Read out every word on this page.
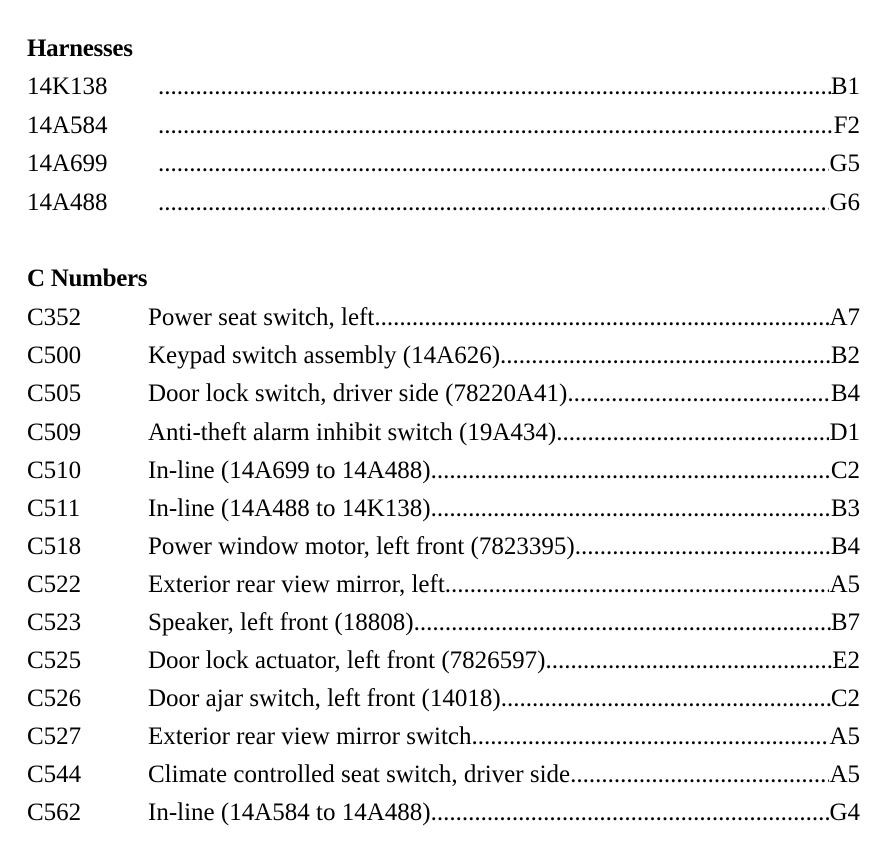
Harnesses
14K138 .....	B1
14A584 .....	F2
14A699 .....	G5
14A488 .....	G6
C Numbers
C352	Power seat switch, left .....	A7
C500	Keypad switch assembly (14A626) .....	B2
C505	Door lock switch, driver side (78220A41) .....	B4
C509	Anti-theft alarm inhibit switch (19A434) .....	D1
C510	In-line (14A699 to 14A488) .....	C2
C511	In-line (14A488 to 14K138) .....	B3
C518	Power window motor, left front (7823395) .....	B4
C522	Exterior rear view mirror, left .....	A5
C523	Speaker, left front (18808) .....	B7
C525	Door lock actuator, left front (7826597) .....	E2
C526	Door ajar switch, left front (14018) .....	C2
C527	Exterior rear view mirror switch .....	A5
C544	Climate controlled seat switch, driver side .....	A5
C562	In-line (14A584 to 14A488) .....	G4
